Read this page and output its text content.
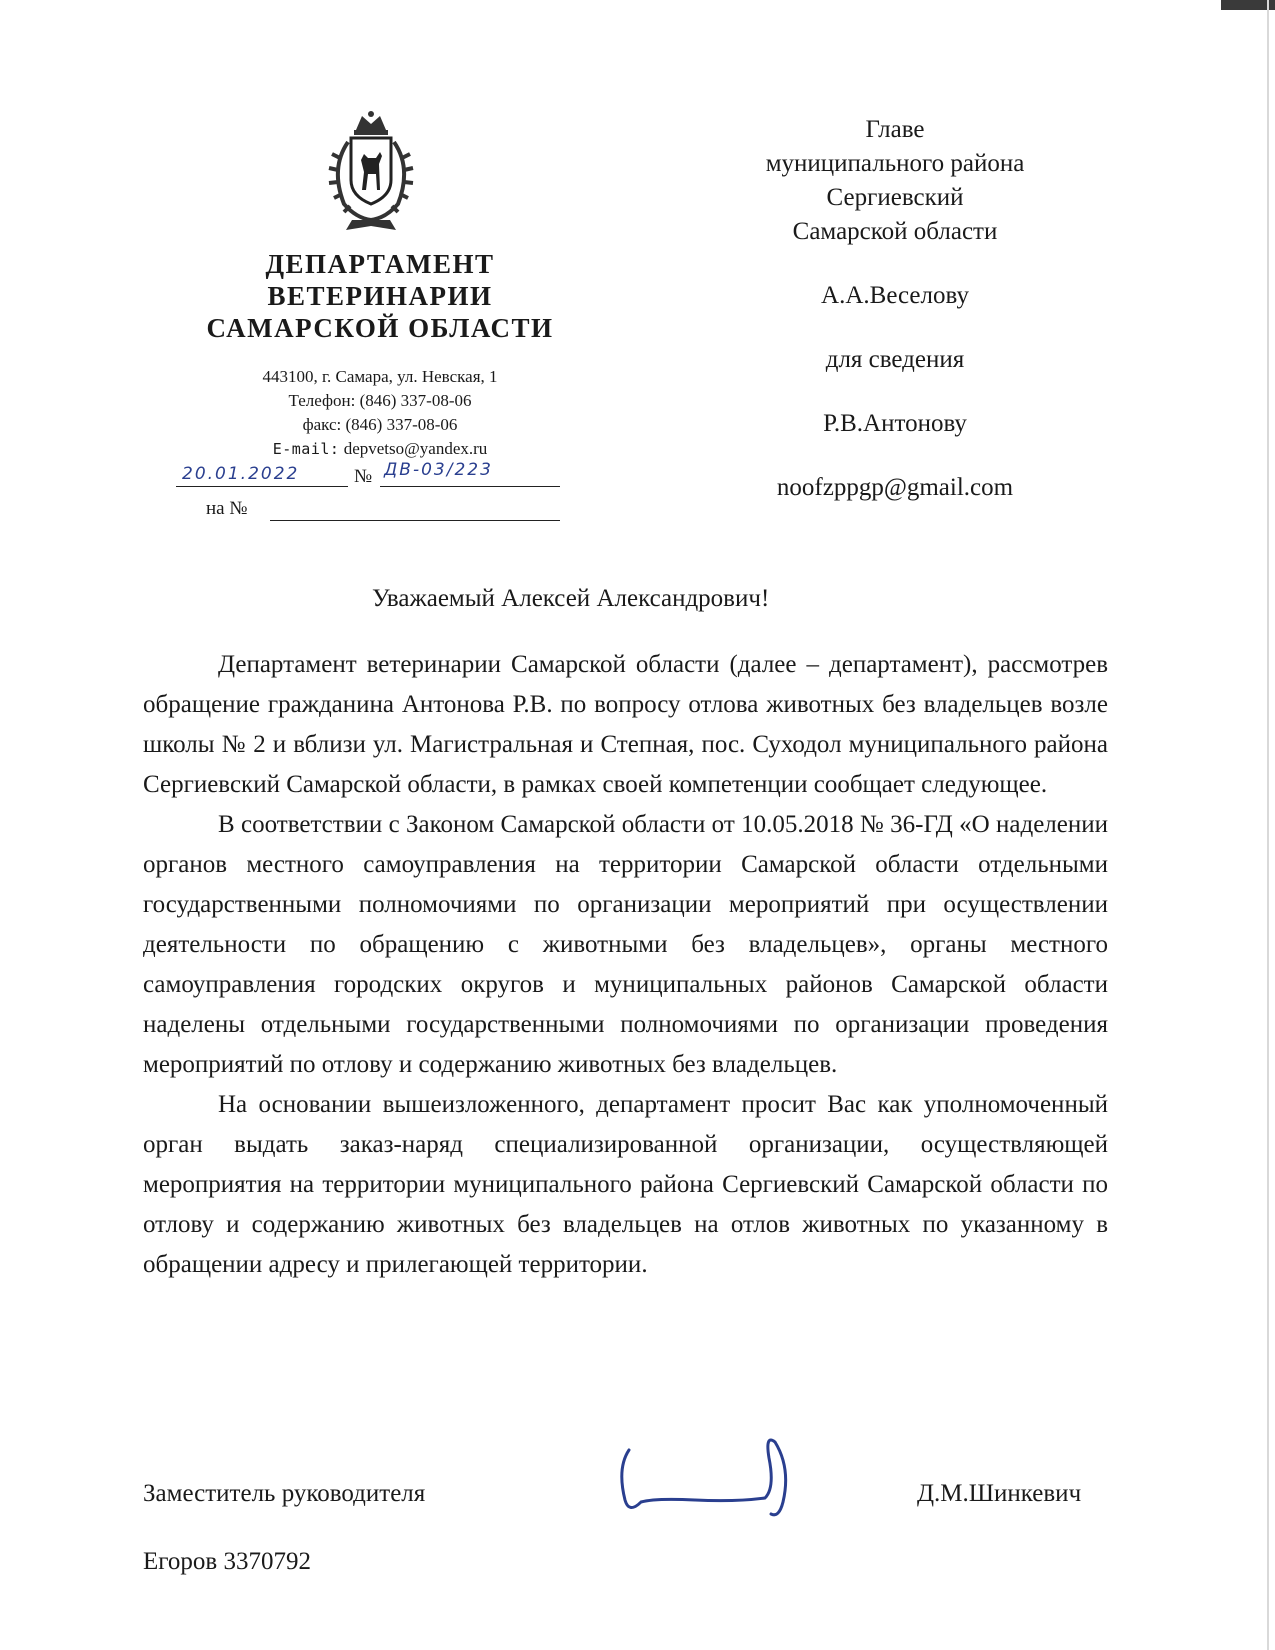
ДЕПАРТАМЕНТ
ВЕТЕРИНАРИИ
САМАРСКОЙ ОБЛАСТИ
443100, г. Самара, ул. Невская, 1
Телефон: (846) 337-08-06
факс: (846) 337-08-06
E-mail: depvetso@yandex.ru
20.01.2022	№ ДВ-03/223
на №
Главе
муниципального района
Сергиевский
Самарской области
А.А.Веселову
для сведения
Р.В.Антонову
noofzppgp@gmail.com
Уважаемый Алексей Александрович!

Департамент ветеринарии Самарской области (далее – департамент), рассмотрев обращение гражданина Антонова Р.В. по вопросу отлова животных без владельцев возле школы № 2 и вблизи ул. Магистральная и Степная, пос. Суходол муниципального района Сергиевский Самарской области, в рамках своей компетенции сообщает следующее.

В соответствии с Законом Самарской области от 10.05.2018 № 36-ГД «О наделении органов местного самоуправления на территории Самарской области отдельными государственными полномочиями по организации мероприятий при осуществлении деятельности по обращению с животными без владельцев», органы местного самоуправления городских округов и муниципальных районов Самарской области наделены отдельными государственными полномочиями по организации проведения мероприятий по отлову и содержанию животных без владельцев.

На основании вышеизложенного, департамент просит Вас как уполномоченный орган выдать заказ-наряд специализированной организации, осуществляющей мероприятия на территории муниципального района Сергиевский Самарской области по отлову и содержанию животных без владельцев на отлов животных по указанному в обращении адресу и прилегающей территории.

Заместитель руководителя	Д.М.Шинкевич
Егоров 3370792
